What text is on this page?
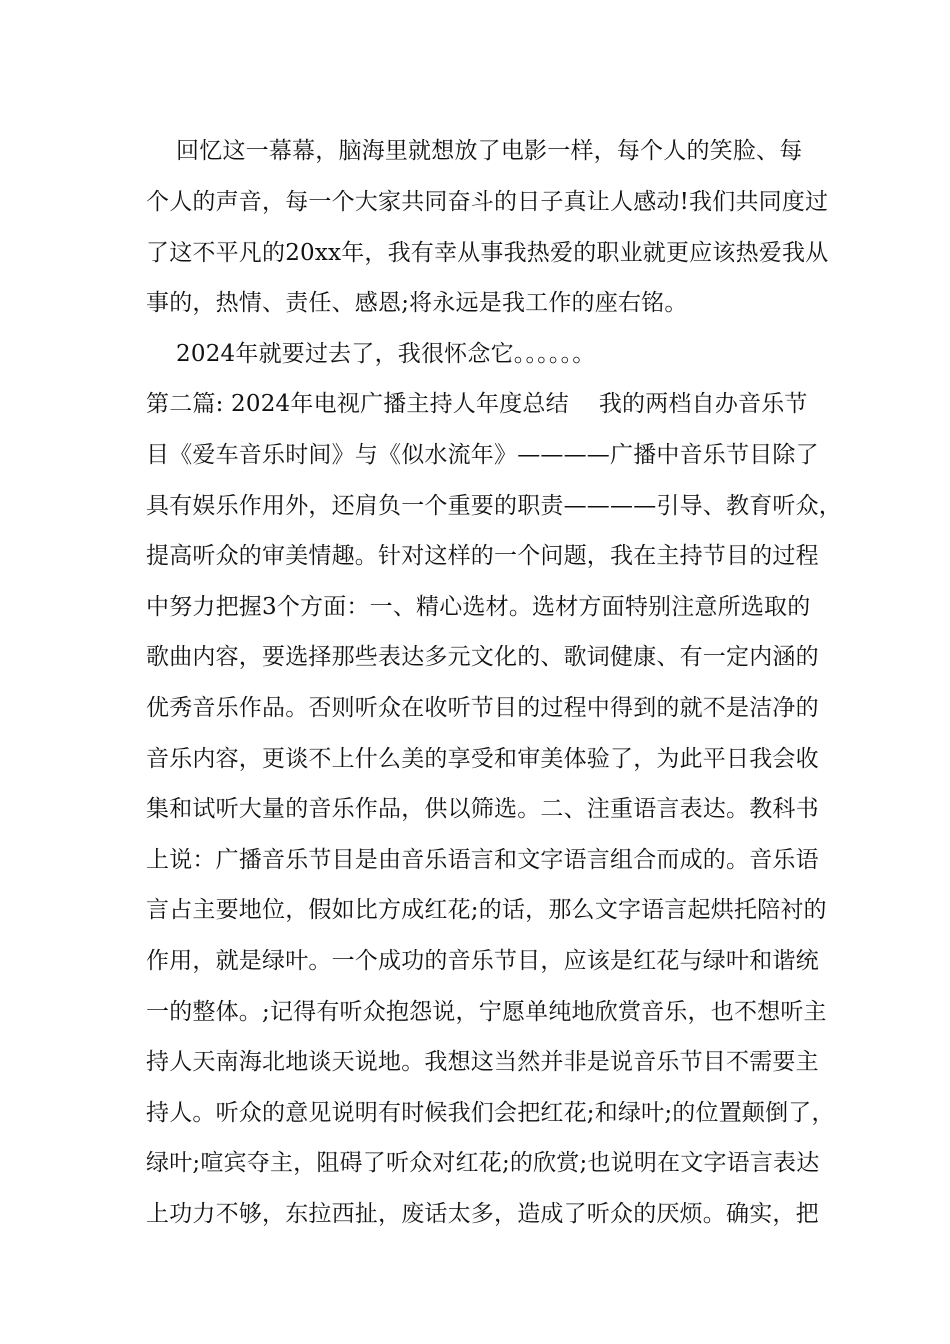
回忆这一幕幕，脑海里就想放了电影一样，每个人的笑脸、每
个人的声音，每一个大家共同奋斗的日子真让人感动!我们共同度过
了这不平凡的20xx年，我有幸从事我热爱的职业就更应该热爱我从
事的，热情、责任、感恩;将永远是我工作的座右铭。
2024年就要过去了，我很怀念它。。。。。。
第二篇: 2024年电视广播主持人年度总结    我的两档自办音乐节
目《爱车音乐时间》与《似水流年》————广播中音乐节目除了
具有娱乐作用外，还肩负一个重要的职责————引导、教育听众，
提高听众的审美情趣。针对这样的一个问题，我在主持节目的过程
中努力把握3个方面：一、精心选材。选材方面特别注意所选取的
歌曲内容，要选择那些表达多元文化的、歌词健康、有一定内涵的
优秀音乐作品。否则听众在收听节目的过程中得到的就不是洁净的
音乐内容，更谈不上什么美的享受和审美体验了，为此平日我会收
集和试听大量的音乐作品，供以筛选。二、注重语言表达。教科书
上说：广播音乐节目是由音乐语言和文字语言组合而成的。音乐语
言占主要地位，假如比方成红花;的话，那么文字语言起烘托陪衬的
作用，就是绿叶。一个成功的音乐节目，应该是红花与绿叶和谐统
一的整体。;记得有听众抱怨说，宁愿单纯地欣赏音乐，也不想听主
持人天南海北地谈天说地。我想这当然并非是说音乐节目不需要主
持人。听众的意见说明有时候我们会把红花;和绿叶;的位置颠倒了，
绿叶;喧宾夺主，阻碍了听众对红花;的欣赏;也说明在文字语言表达
上功力不够，东拉西扯，废话太多，造成了听众的厌烦。确实，把
